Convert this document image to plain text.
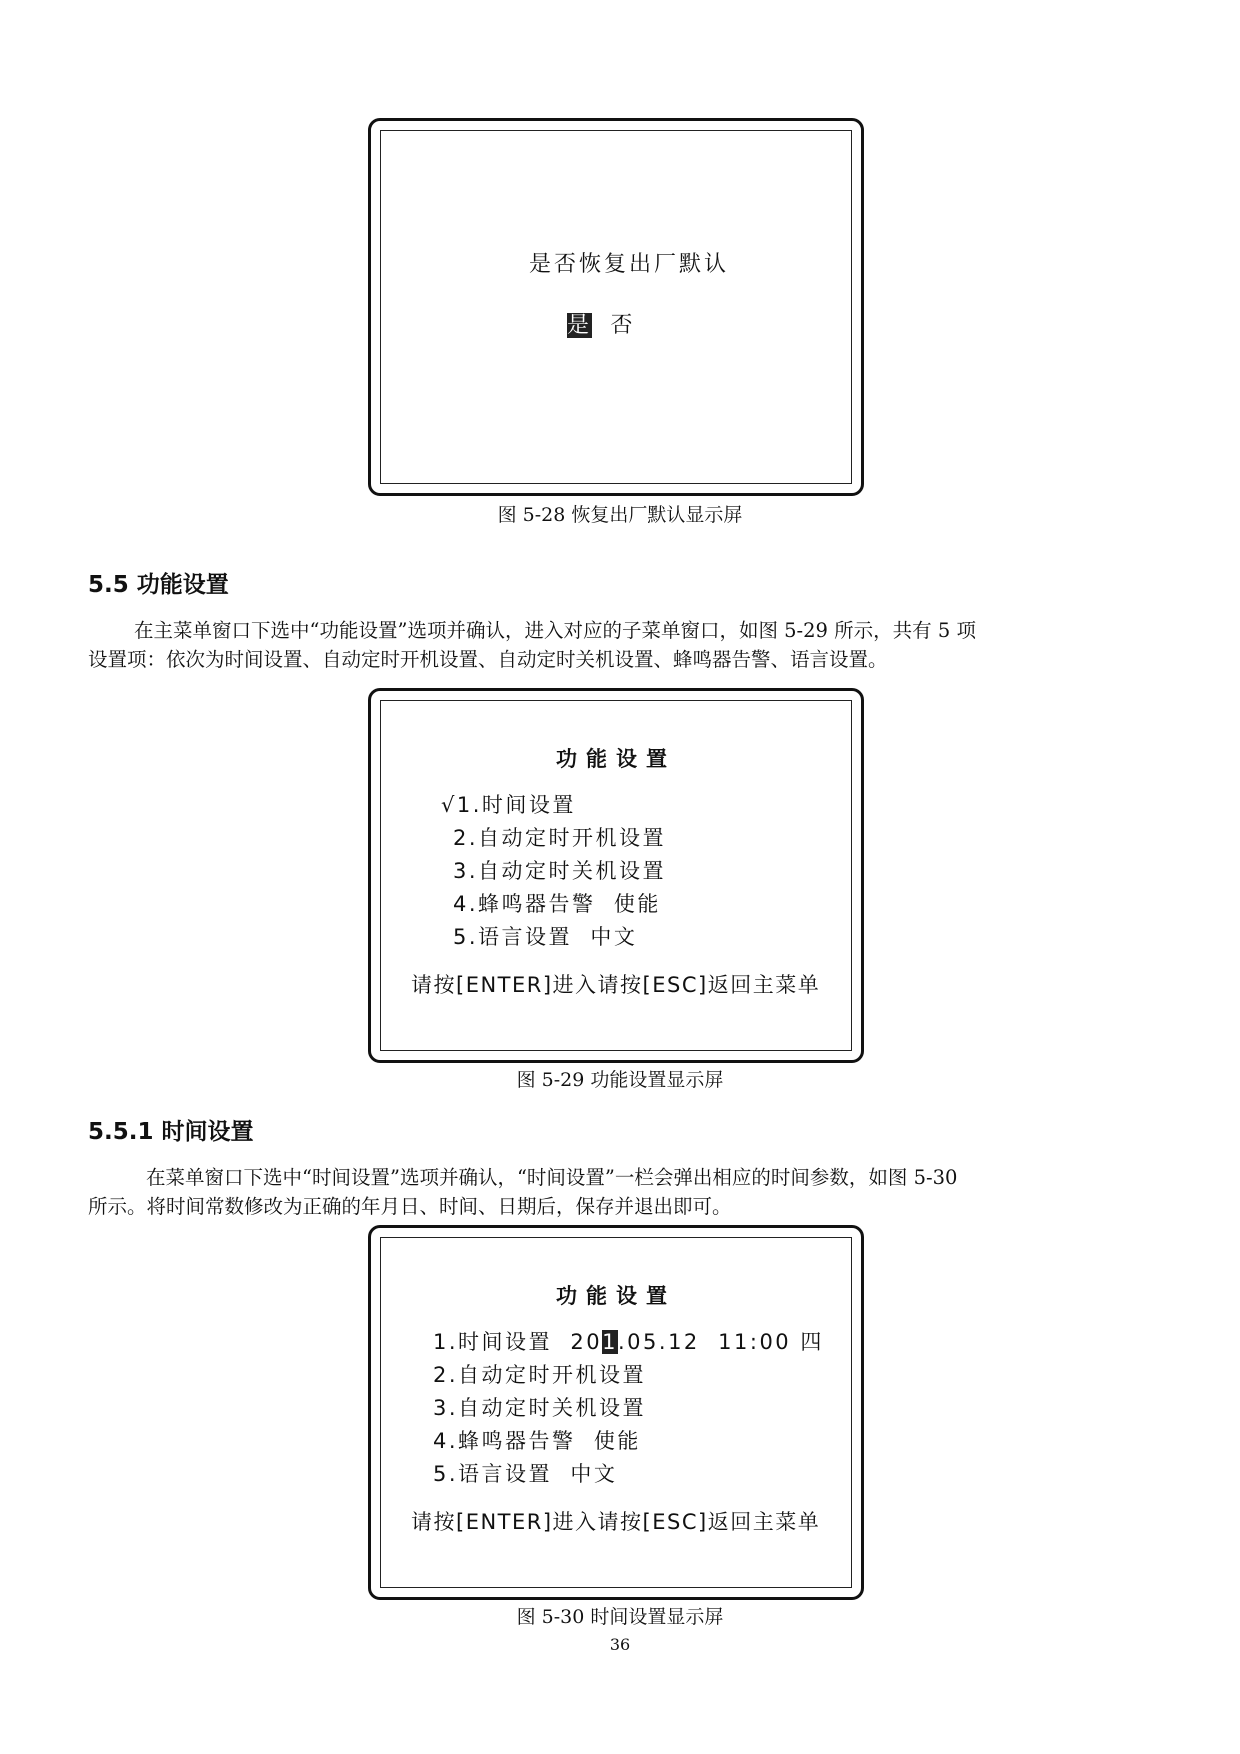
是否恢复出厂默认

是 否

图 5-28 恢复出厂默认显示屏
5.5 功能设置
在主菜单窗口下选中“功能设置”选项并确认，进入对应的子菜单窗口，如图 5-29 所示，共有 5 项
设置项：依次为时间设置、自动定时开机设置、自动定时关机设置、蜂鸣器告警、语言设置。
功能设置
√1.时间设置
2.自动定时开机设置
3.自动定时关机设置
4.蜂鸣器告警  使能
5.语言设置  中文
请按[ENTER]进入请按[ESC]返回主菜单
图 5-29 功能设置显示屏
5.5.1 时间设置
在菜单窗口下选中“时间设置”选项并确认，“时间设置”一栏会弹出相应的时间参数，如图 5-30
所示。将时间常数修改为正确的年月日、时间、日期后，保存并退出即可。
功能设置
1.时间设置  201.05.12  11:00 四
2.自动定时开机设置
3.自动定时关机设置
4.蜂鸣器告警  使能
5.语言设置  中文
请按[ENTER]进入请按[ESC]返回主菜单
图 5-30 时间设置显示屏
36
